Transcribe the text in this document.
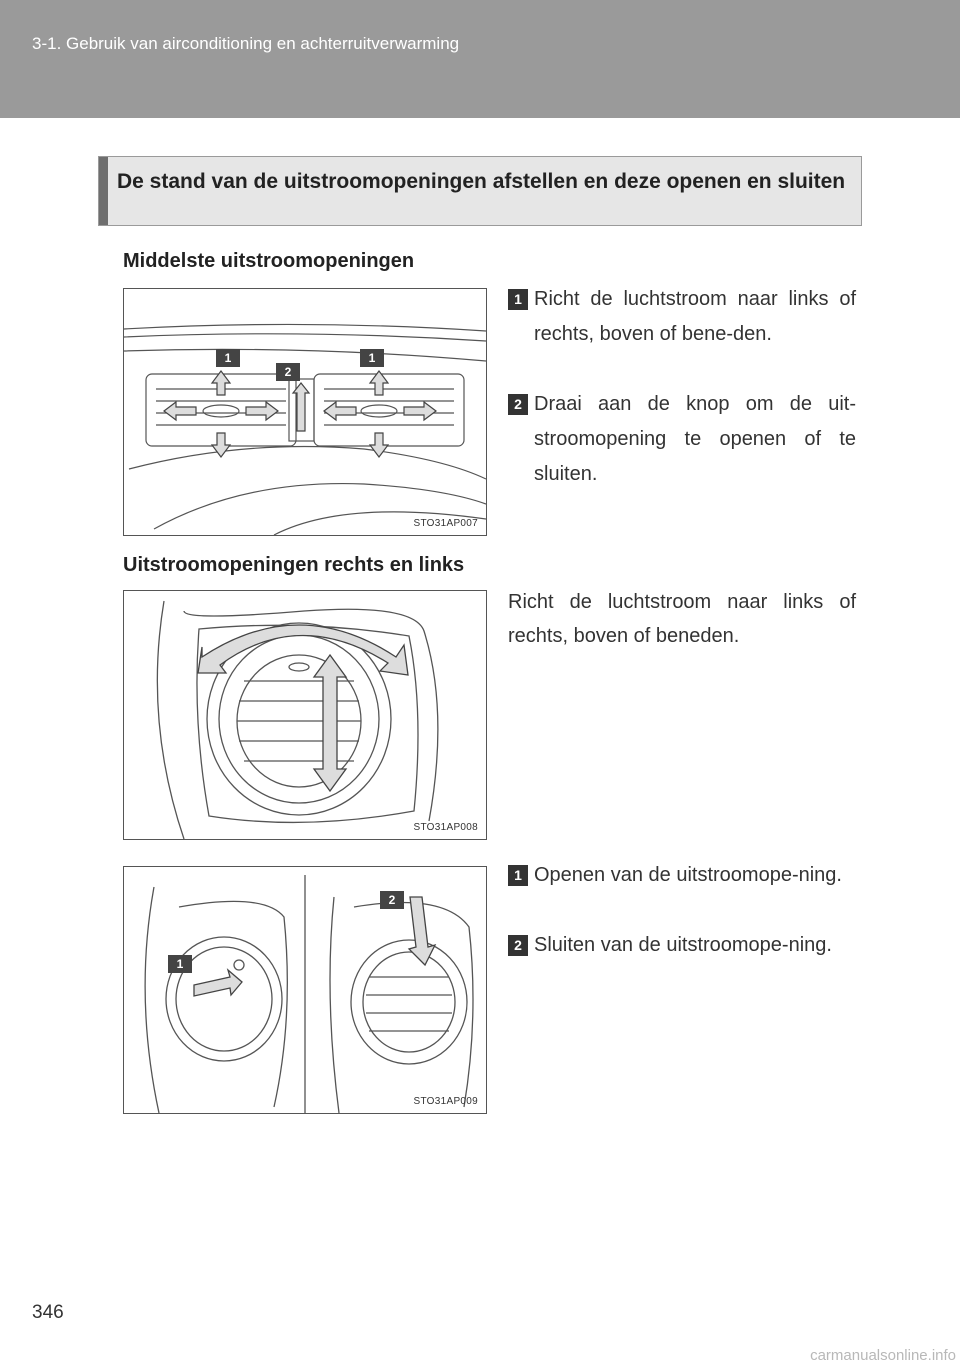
3-1. Gebruik van airconditioning en achterruitverwarming
De stand van de uitstroomopeningen afstellen en deze openen en sluiten
Middelste uitstroomopeningen
1
2
1
STO31AP007
1 Richt de luchtstroom naar links of rechts, boven of bene-den.
2 Draai aan de knop om de uit-stroomopening te openen of te sluiten.
Uitstroomopeningen rechts en links
STO31AP008
Richt de luchtstroom naar links of rechts, boven of beneden.
1
2
STO31AP009
1 Openen van de uitstroomope-ning.
2 Sluiten van de uitstroomope-ning.
346
carmanualsonline.info
